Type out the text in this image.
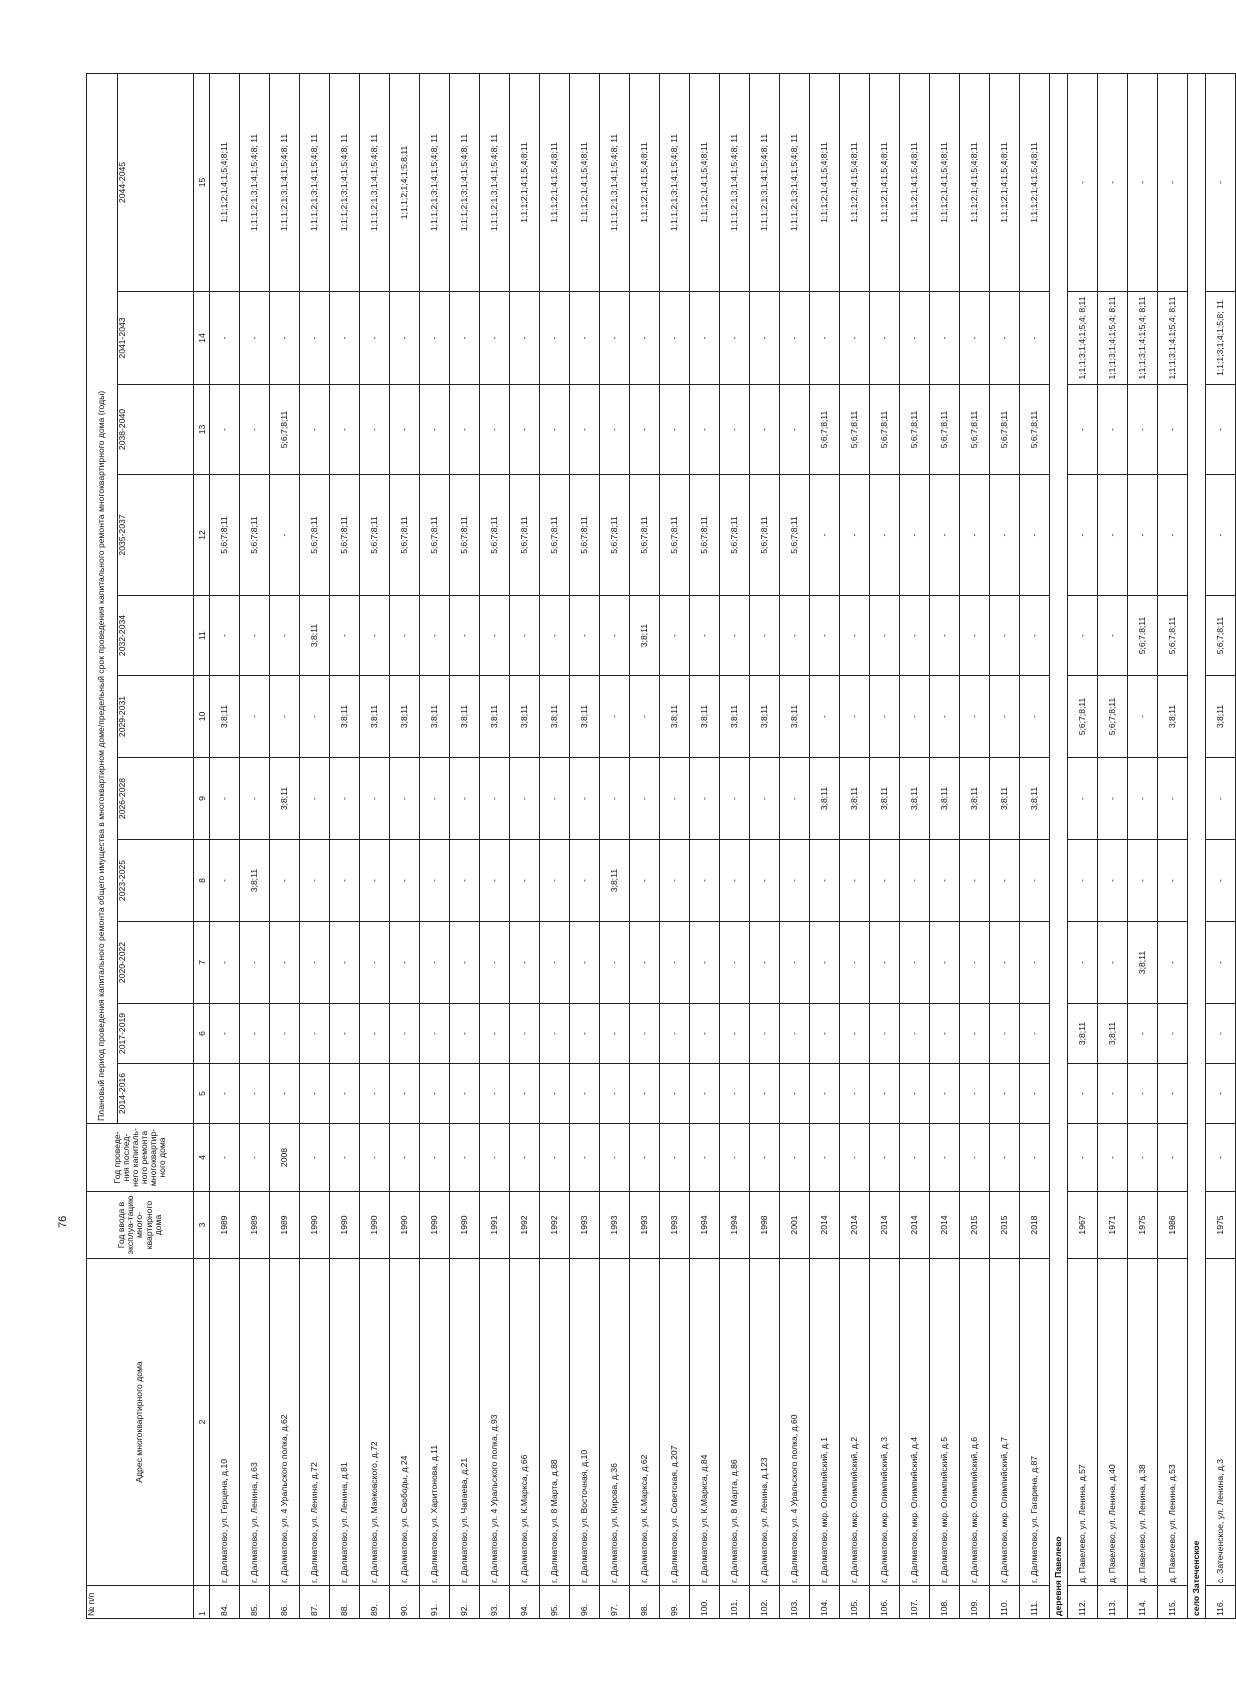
76
№ п/п	Адрес многоквартирного дома	Год ввода в эксплуа-тацию много-квартирного дома	Год проведе-ния послед-него капиталь-ного ремонта многоквартир-ного дома	Плановый период проведения капитального ремонта общего имущества в многоквартирном доме/предельный срок проведения капитального ремонта многоквартирного дома (годы)										
				2014-2016	2017-2019	2020-2022	2023-2025	2026-2028	2029-2031	2032-2034	2035-2037	2038-2040	2041-2043	2044-2045
1	2	3	4	5	6	7	8	9	10	11	12	13	14	15
84.	г. Далматово, ул. Герцена, д.10	1989	-	-	-	-	-	-	3;8;11	-	5;6;7;8;11	-	-	1;1;1;2;1;4;1;5;4;8;11
85.	г. Далматово, ул. Ленина, д.63	1989	-	-	-	-	3;8;11	-	-	-	5;6;7;8;11	-	-	1;1;1;2;1;3;1;4;1;5;4;8; 11
86.	г. Далматово, ул. 4 Уральского полка, д.62	1989	2008	-	-	-	-	3;8;11	-	-	-	5;6;7;8;11	-	1;1;1;2;1;3;1;4;1;5;4;8; 11
87.	г. Далматово, ул. Ленина, д.72	1990	-	-	-	-	-	-	-	3;8;11	5;6;7;8;11	-	-	1;1;1;2;1;3;1;4;1;5;4;8; 11
88.	г. Далматово, ул. Ленина, д.81	1990	-	-	-	-	-	-	3;8;11	-	5;6;7;8;11	-	-	1;1;1;2;1;3;1;4;1;5;4;8; 11
89.	г. Далматово, ул. Маяковского, д.72	1990	-	-	-	-	-	-	3;8;11	-	5;6;7;8;11	-	-	1;1;1;2;1;3;1;4;1;5;4;8; 11
90.	г. Далматово, ул. Свободы, д.24	1990	-	-	-	-	-	-	3;8;11	-	5;6;7;8;11	-	-	1;1;1;2;1;4;1;5;8;11
91.	г. Далматово, ул. Харитонова, д.11	1990	-	-	-	-	-	-	3;8;11	-	5;6;7;8;11	-	-	1;1;1;2;1;3;1;4;1;5;4;8; 11
92.	г. Далматово, ул. Чапаева, д.21	1990	-	-	-	-	-	-	3;8;11	-	5;6;7;8;11	-	-	1;1;1;2;1;3;1;4;1;5;4;8; 11
93.	г. Далматово, ул. 4 Уральского полка, д.93	1991	-	-	-	-	-	-	3;8;11	-	5;6;7;8;11	-	-	1;1;1;2;1;3;1;4;1;5;4;8; 11
94.	г. Далматово, ул. К.Маркса, д.66	1992	-	-	-	-	-	-	3;8;11	-	5;6;7;8;11	-	-	1;1;1;2;1;4;1;5;4;8;11
95.	г. Далматово, ул. 8 Марта, д.88	1992	-	-	-	-	-	-	3;8;11	-	5;6;7;8;11	-	-	1;1;1;2;1;4;1;5;4;8;11
96.	г. Далматово, ул. Восточная, д.10	1993	-	-	-	-	-	-	3;8;11	-	5;6;7;8;11	-	-	1;1;1;2;1;4;1;5;4;8;11
97.	г. Далматово, ул. Кирова, д.36	1993	-	-	-	-	3;8;11	-	-	-	5;6;7;8;11	-	-	1;1;1;2;1;3;1;4;1;5;4;8; 11
98.	г. Далматово, ул. К.Маркса, д.62	1993	-	-	-	-	-	-	-	3;8;11	5;6;7;8;11	-	-	1;1;1;2;1;4;1;5;4;8;11
99.	г. Далматово, ул. Советская, д.207	1993	-	-	-	-	-	-	3;8;11	-	5;6;7;8;11	-	-	1;1;1;2;1;3;1;4;1;5;4;8; 11
100.	г. Далматово, ул. К.Маркса, д.84	1994	-	-	-	-	-	-	3;8;11	-	5;6;7;8;11	-	-	1;1;1;2;1;4;1;5;4;8;11
101.	г. Далматово, ул. 8 Марта, д.86	1994	-	-	-	-	-	-	3;8;11	-	5;6;7;8;11	-	-	1;1;1;2;1;3;1;4;1;5;4;8; 11
102.	г. Далматово, ул. Ленина, д.123	1998	-	-	-	-	-	-	3;8;11	-	5;6;7;8;11	-	-	1;1;1;2;1;3;1;4;1;5;4;8; 11
103.	г. Далматово, ул. 4 Уральского полка, д.60	2001	-	-	-	-	-	-	3;8;11	-	5;6;7;8;11	-	-	1;1;1;2;1;3;1;4;1;5;4;8; 11
104.	г. Далматово, мкр. Олимпийский, д.1	2014	-	-	-	-	-	3;8;11	-	-	-	5;6;7;8;11	-	1;1;1;2;1;4;1;5;4;8;11
105.	г. Далматово, мкр. Олимпийский, д.2	2014	-	-	-	-	-	3;8;11	-	-	-	5;6;7;8;11	-	1;1;1;2;1;4;1;5;4;8;11
106.	г. Далматово, мкр. Олимпийский, д.3	2014	-	-	-	-	-	3;8;11	-	-	-	5;6;7;8;11	-	1;1;1;2;1;4;1;5;4;8;11
107.	г. Далматово, мкр. Олимпийский, д.4	2014	-	-	-	-	-	3;8;11	-	-	-	5;6;7;8;11	-	1;1;1;2;1;4;1;5;4;8;11
108.	г. Далматово, мкр. Олимпийский, д.5	2014	-	-	-	-	-	3;8;11	-	-	-	5;6;7;8;11	-	1;1;1;2;1;4;1;5;4;8;11
109.	г. Далматово, мкр. Олимпийский, д.6	2015	-	-	-	-	-	3;8;11	-	-	-	5;6;7;8;11	-	1;1;1;2;1;4;1;5;4;8;11
110.	г. Далматово, мкр. Олимпийский, д.7	2015	-	-	-	-	-	3;8;11	-	-	-	5;6;7;8;11	-	1;1;1;2;1;4;1;5;4;8;11
111.	г. Далматово, ул. Гагарина, д.87	2018	-	-	-	-	-	3;8;11	-	-	-	5;6;7;8;11	-	1;1;1;2;1;4;1;5;4;8;11
деревня Павелево														
112.	д. Павелево, ул. Ленина, д.57	1967	-	-	3;8;11	-	-	-	5;6;7;8;11	-	-	-	1;1;1;3;1;4;1;5;4; 8;11	-
113.	д. Павелево, ул. Ленина, д.40	1971	-	-	3;8;11	-	-	-	5;6;7;8;11	-	-	-	1;1;1;3;1;4;1;5;4; 8;11	-
114.	д. Павелево, ул. Ленина, д.38	1975	-	-	-	3;8;11	-	-	-	5;6;7;8;11	-	-	1;1;1;3;1;4;1;5;4; 8;11	-
115.	д. Павелево, ул. Ленина, д.53	1986	-	-	-	-	-	-	3;8;11	5;6;7;8;11	-	-	1;1;1;3;1;4;1;5;4; 8;11	-
село Затеченское														
116.	с. Затеченское, ул. Ленина, д.3	1975	-	-	-	-	-	-	3;8;11	5;6;7;8;11	-	-	1;1;1;3;1;4;1;5;8; 11	-
